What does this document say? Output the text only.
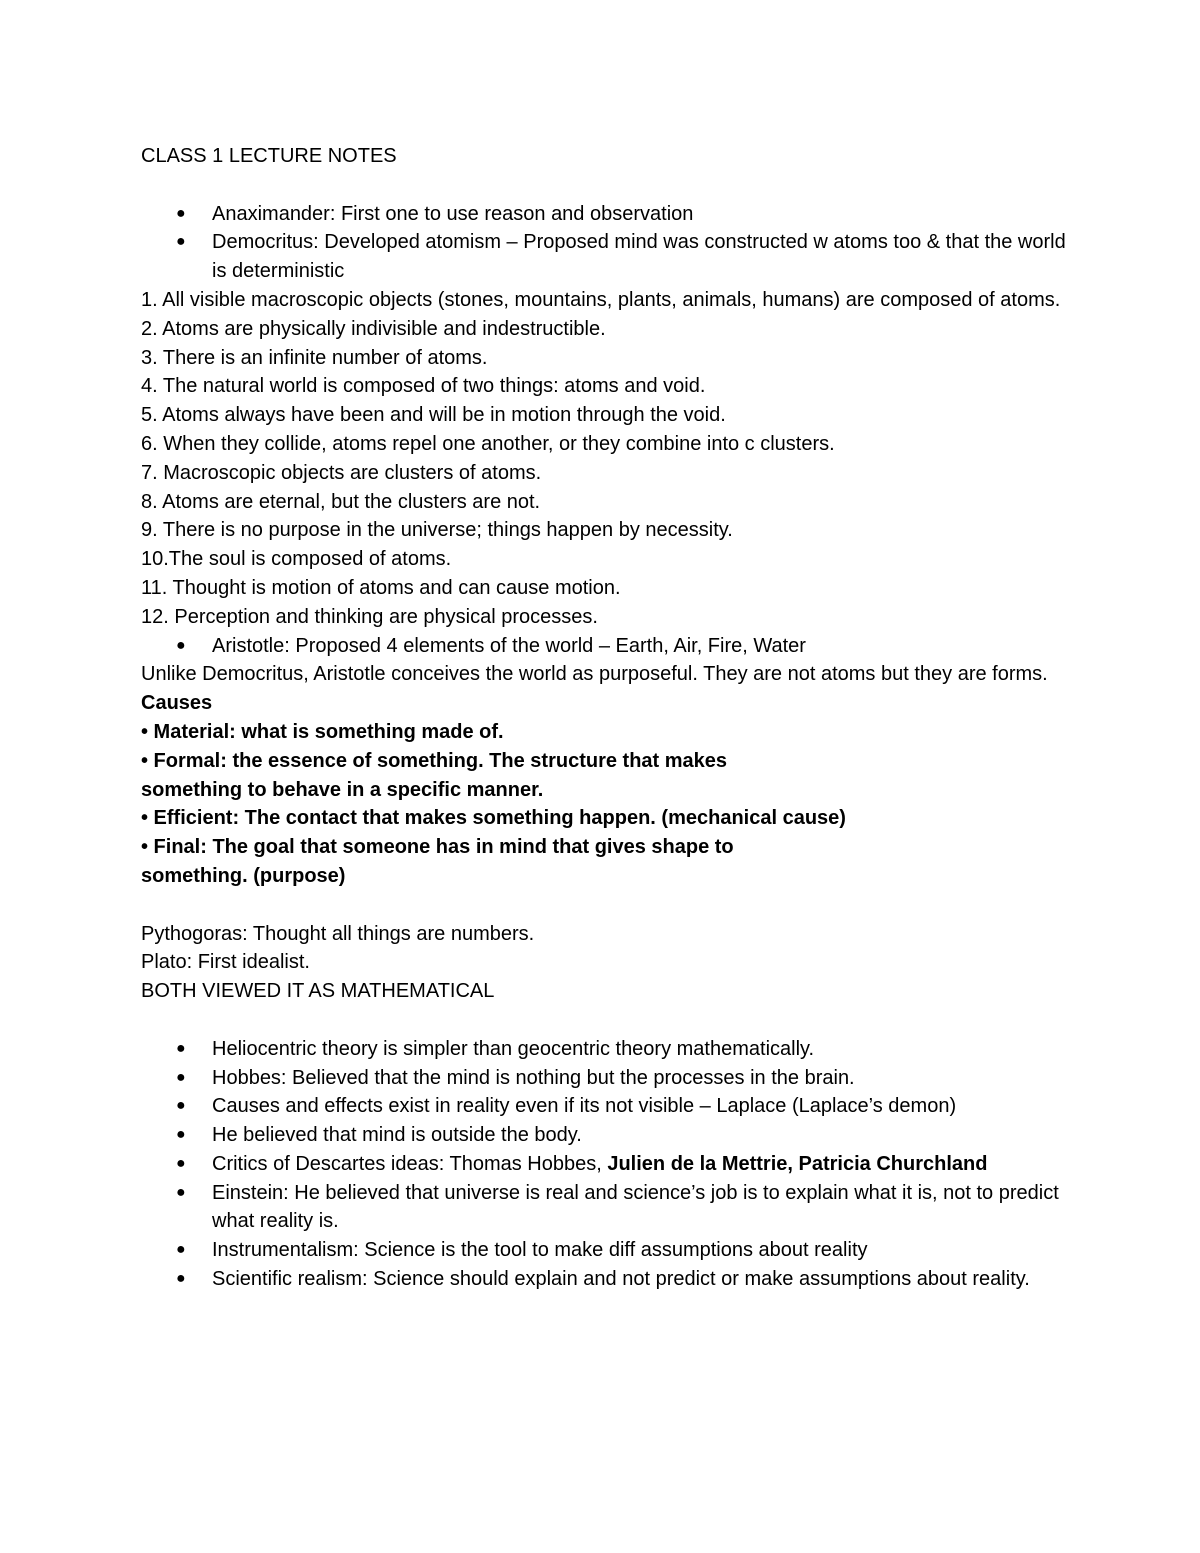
CLASS 1 LECTURE NOTES

●	Anaximander: First one to use reason and observation
●	Democritus: Developed atomism – Proposed mind was constructed w atoms too & that the world is deterministic

1. All visible macroscopic objects (stones, mountains, plants, animals, humans) are composed of atoms.

2. Atoms are physically indivisible and indestructible.

3. There is an infinite number of atoms.

4. The natural world is composed of two things: atoms and void.

5. Atoms always have been and will be in motion through the void.

6. When they collide, atoms repel one another, or they combine into c clusters.

7. Macroscopic objects are clusters of atoms.

8. Atoms are eternal, but the clusters are not.

9. There is no purpose in the universe; things happen by necessity.

10.The soul is composed of atoms.

11. Thought is motion of atoms and can cause motion.

12. Perception and thinking are physical processes.

●	Aristotle: Proposed 4 elements of the world – Earth, Air, Fire, Water

Unlike Democritus, Aristotle conceives the world as purposeful. They are not atoms but they are forms.

Causes

• Material: what is something made of.

• Formal: the essence of something. The structure that makes

something to behave in a specific manner.

• Efficient: The contact that makes something happen. (mechanical cause)

• Final: The goal that someone has in mind that gives shape to

something. (purpose)

Pythogoras: Thought all things are numbers.

Plato: First idealist.

BOTH VIEWED IT AS MATHEMATICAL

●	Heliocentric theory is simpler than geocentric theory mathematically.
●	Hobbes: Believed that the mind is nothing but the processes in the brain.
●	Causes and effects exist in reality even if its not visible – Laplace (Laplace’s demon)
●	He believed that mind is outside the body.
●	Critics of Descartes ideas: Thomas Hobbes, Julien de la Mettrie, Patricia Churchland
●	Einstein: He believed that universe is real and science’s job is to explain what it is, not to predict what reality is.
●	Instrumentalism: Science is the tool to make diff assumptions about reality
●	Scientific realism: Science should explain and not predict or make assumptions about reality.
